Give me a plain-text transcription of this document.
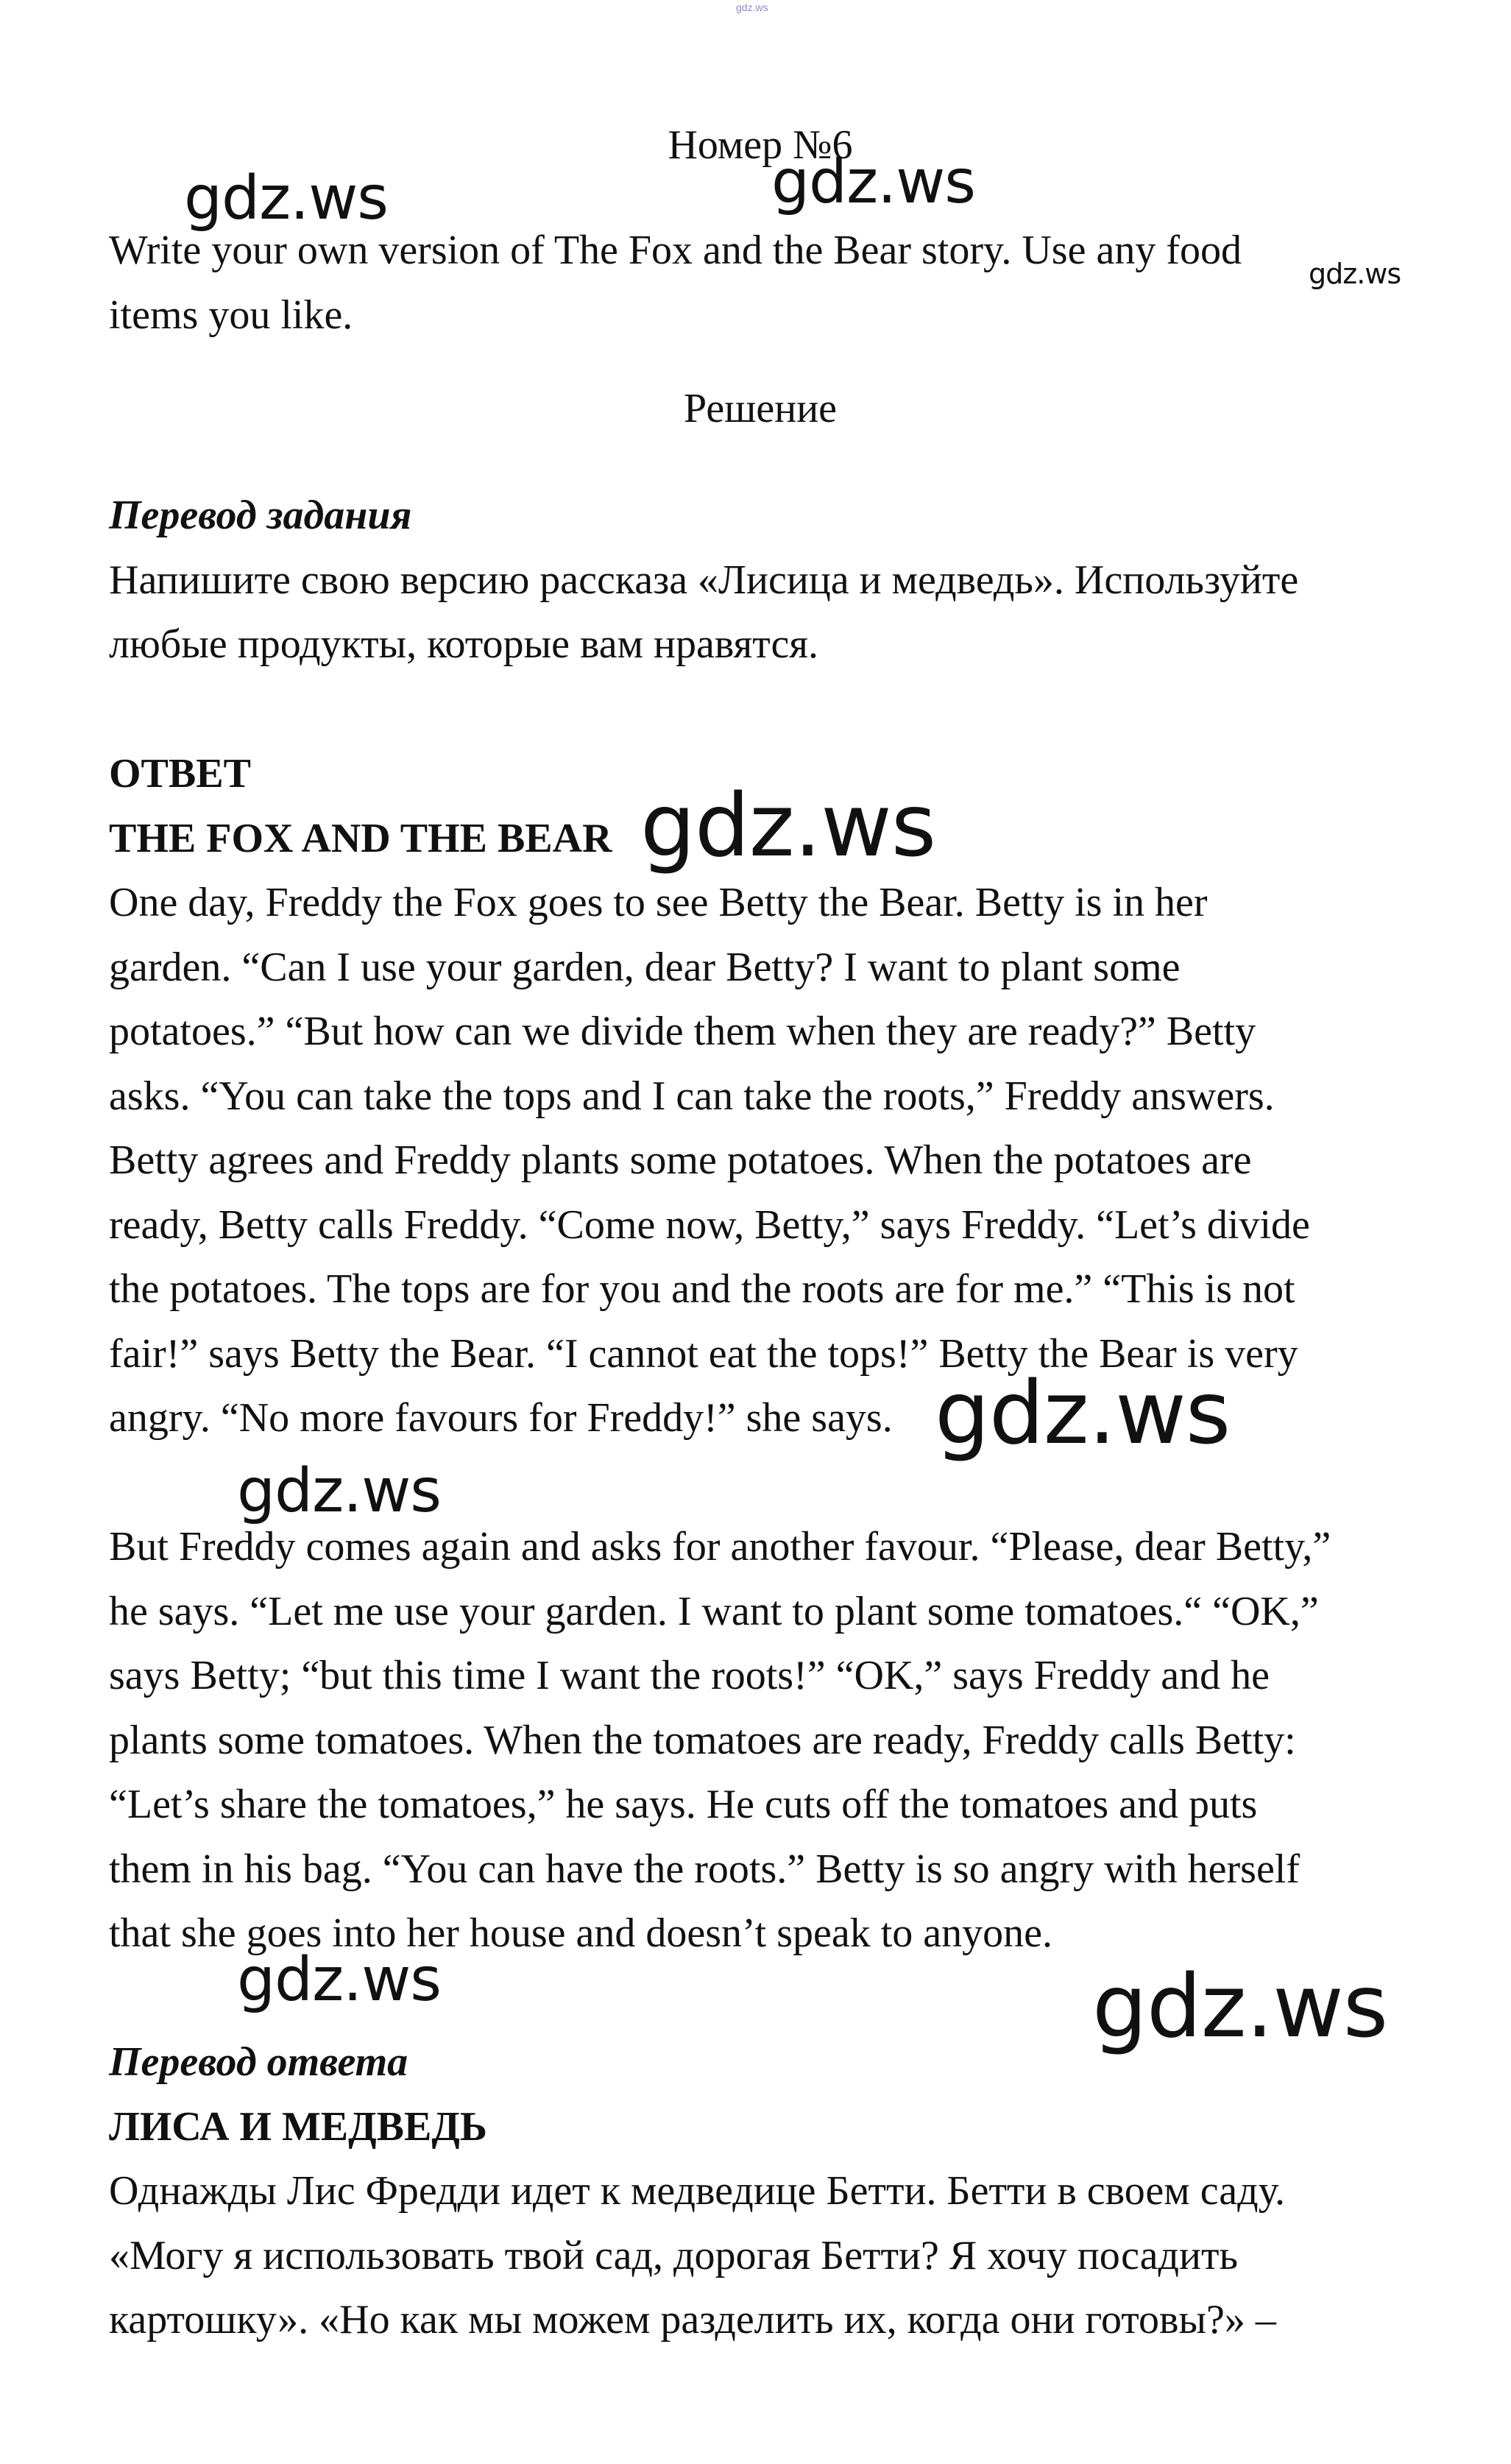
gdz.ws
Номер №6

Write your own version of The Fox and the Bear story. Use any food
items you like.

Решение

Перевод задания
Напишите свою версию рассказа «Лисица и медведь». Используйте
любые продукты, которые вам нравятся.

ОТВЕТ
THE FOX AND THE BEAR
One day, Freddy the Fox goes to see Betty the Bear. Betty is in her
garden. “Can I use your garden, dear Betty? I want to plant some
potatoes.” “But how can we divide them when they are ready?” Betty
asks. “You can take the tops and I can take the roots,” Freddy answers.
Betty agrees and Freddy plants some potatoes. When the potatoes are
ready, Betty calls Freddy. “Come now, Betty,” says Freddy. “Let’s divide
the potatoes. The tops are for you and the roots are for me.” “This is not
fair!” says Betty the Bear. “I cannot eat the tops!” Betty the Bear is very
angry. “No more favours for Freddy!” she says.

But Freddy comes again and asks for another favour. “Please, dear Betty,”
he says. “Let me use your garden. I want to plant some tomatoes.“ “OK,”
says Betty; “but this time I want the roots!” “OK,” says Freddy and he
plants some tomatoes. When the tomatoes are ready, Freddy calls Betty:
“Let’s share the tomatoes,” he says. He cuts off the tomatoes and puts
them in his bag. “You can have the roots.” Betty is so angry with herself
that she goes into her house and doesn’t speak to anyone.

Перевод ответа
ЛИСА И МЕДВЕДЬ
Однажды Лис Фредди идет к медведице Бетти. Бетти в своем саду.
«Могу я использовать твой сад, дорогая Бетти? Я хочу посадить
картошку». «Но как мы можем разделить их, когда они готовы?» –

gdz.ws	gdz.ws
gdz.ws
gdz.ws
gdz.ws
gdz.ws
gdz.ws	gdz.ws
